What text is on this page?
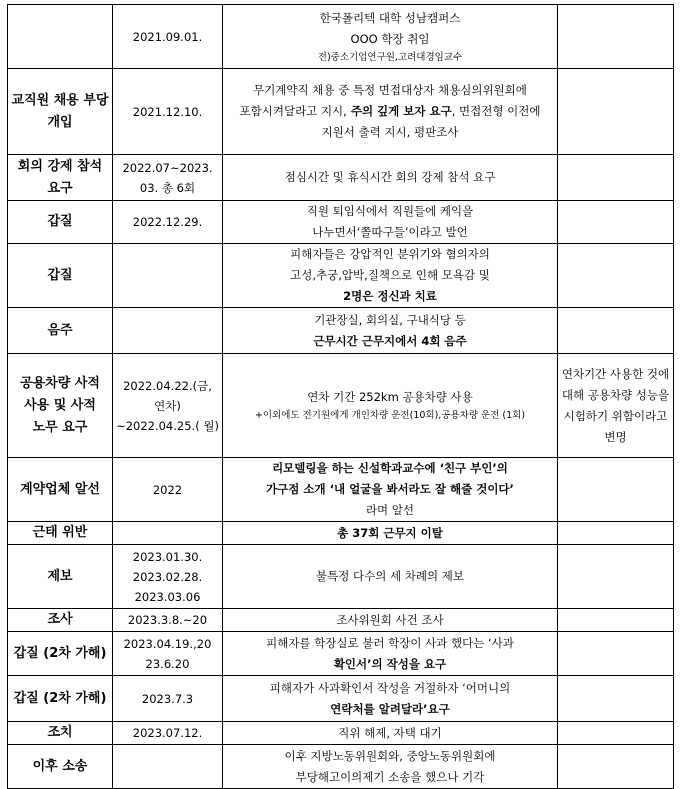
	2021.09.01.	한국폴리텍 대학 성남캠퍼스
OOO 학장 취임
전)중소기업연구원,고려대경임교수	

교직원 채용 부당 개입	2021.12.10.	무기계약직 채용 중 특정 면접대상자 채용심의위원회에 포함시켜달라고 지시, 주의 깊게 보자 요구, 면접전형 이전에 지원서 출력 지시, 평판조사	
회의 강제 참석 요구	2022.07~2023. 03. 총 6회	점심시간 및 휴식시간 회의 강제 참석 요구	

갑질	2022.12.29.	직원 퇴임식에서 직원들에 케익을
나누면서‘쫄따구들’이라고 발언	

갑질		피해자들은 강압적인 분위기와 혐의자의
고성,추궁,압박,질책으로 인해 모욕감 및
2명은 정신과 치료	

음주		기관장실, 회의실, 구내식당 등
근무시간 근무지에서 4회 음주	

공용차량 사적 사용 및 사적 노무 요구	2022.04.22.(금, 연차) ~2022.04.25.( 월)	연차 기간 252km 공용차량 사용
+이외에도 전기원에게 개인차량 운전(10회),공용차량 운전 (1회)	연차기간 사용한 것에 대해 공용차량 성능을 시험하기 위함이라고 변명
계약업체 알선	2022	리모델링을 하는 신설학과교수에 ‘친구 부인’의
가구점 소개 ‘내 얼굴을 봐서라도 잘 해줄 것이다’
라며 알선	

근태 위반		총 37회 근무지 이탈	
제보	2023.01.30. 2023.02.28. 2023.03.06	불특정 다수의 세 차례의 제보	

조사	2023.3.8.~20	조사위원회 사건 조사	

갑질 (2차 가해)	2023.04.19.,20 23.6.20	피해자를 학장실로 불러 학장이 사과 했다는 ‘사과
확인서’의 작성을 요구	

갑질 (2차 가해)	2023.7.3	피해자가 사과확인서 작성을 거절하자 ‘어머니의
연락처를 알려달라’요구	

조치	2023.07.12.	직위 해제, 자택 대기	

이후 소송		이후 지방노동위원회와, 중앙노동위원회에
부당해고이의제기 소송을 했으나 기각	
